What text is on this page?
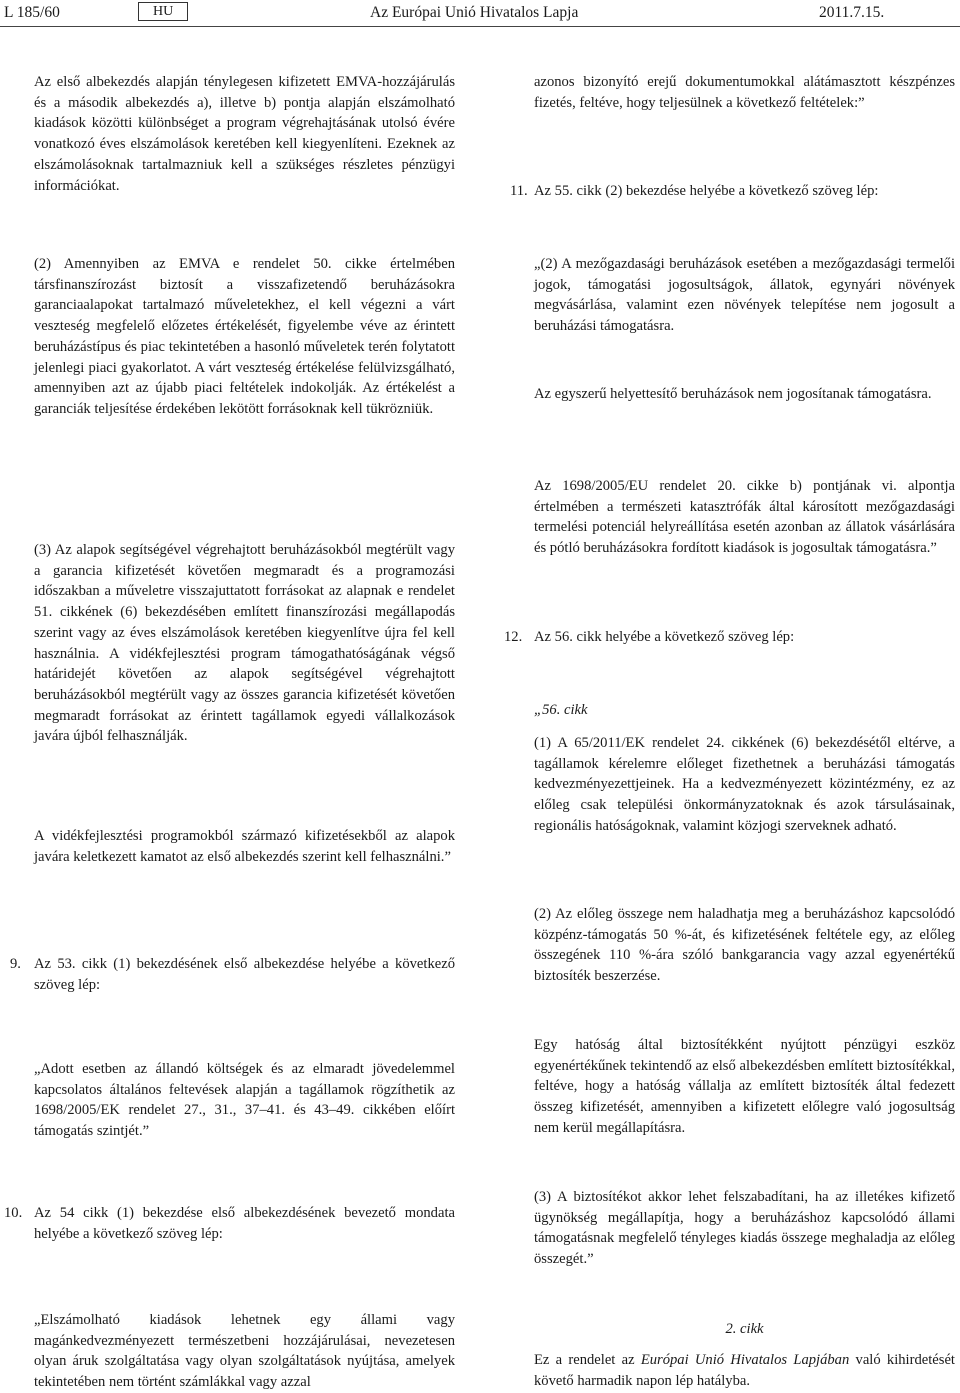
L 185/60	HU	Az Európai Unió Hivatalos Lapja	2011.7.15.

Az első albekezdés alapján ténylegesen kifizetett EMVA-hozzájárulás és a második albekezdés a), illetve b) pontja alapján elszámolható kiadások közötti különbséget a program végrehajtásának utolsó évére vonatkozó éves elszámolások keretében kell kiegyenlíteni. Ezeknek az elszámolásoknak tartalmazniuk kell a szükséges részletes pénzügyi információkat.

(2) Amennyiben az EMVA e rendelet 50. cikke értelmében társfinanszírozást biztosít a visszafizetendő beruházásokra garanciaalapokat tartalmazó műveletekhez, el kell végezni a várt veszteség megfelelő előzetes értékelését, figyelembe véve az érintett beruházástípus és piac tekintetében a hasonló műveletek terén folytatott jelenlegi piaci gyakorlatot. A várt veszteség értékelése felülvizsgálható, amennyiben azt az újabb piaci feltételek indokolják. Az értékelést a garanciák teljesítése érdekében lekötött forrásoknak kell tükrözniük.

(3) Az alapok segítségével végrehajtott beruházásokból megtérült vagy a garancia kifizetését követően megmaradt és a programozási időszakban a műveletre visszajuttatott forrásokat az alapnak e rendelet 51. cikkének (6) bekezdésében említett finanszírozási megállapodás szerint vagy az éves elszámolások keretében kiegyenlítve újra fel kell használnia. A vidékfejlesztési program támogathatóságának végső határidejét követően az alapok segítségével végrehajtott beruházásokból megtérült vagy az összes garancia kifizetését követően megmaradt forrásokat az érintett tagállamok egyedi vállalkozások javára újból felhasználják.

A vidékfejlesztési programokból származó kifizetésekből az alapok javára keletkezett kamatot az első albekezdés szerint kell felhasználni.”

9. Az 53. cikk (1) bekezdésének első albekezdése helyébe a következő szöveg lép:

„Adott esetben az állandó költségek és az elmaradt jövedelemmel kapcsolatos általános feltevések alapján a tagállamok rögzíthetik az 1698/2005/EK rendelet 27., 31., 37–41. és 43–49. cikkében előírt támogatás szintjét.”

10. Az 54 cikk (1) bekezdése első albekezdésének bevezető mondata helyébe a következő szöveg lép:

„Elszámolható kiadások lehetnek egy állami vagy magánkedvezményezett természetbeni hozzájárulásai, nevezetesen olyan áruk szolgáltatása vagy olyan szolgáltatások nyújtása, amelyek tekintetében nem történt számlákkal vagy azzal

azonos bizonyító erejű dokumentumokkal alátámasztott készpénzes fizetés, feltéve, hogy teljesülnek a következő feltételek:”

11. Az 55. cikk (2) bekezdése helyébe a következő szöveg lép:

„(2) A mezőgazdasági beruházások esetében a mezőgazdasági termelői jogok, támogatási jogosultságok, állatok, egynyári növények megvásárlása, valamint ezen növények telepítése nem jogosult a beruházási támogatásra.

Az egyszerű helyettesítő beruházások nem jogosítanak támogatásra.

Az 1698/2005/EU rendelet 20. cikke b) pontjának vi. alpontja értelmében a természeti katasztrófák által károsított mezőgazdasági termelési potenciál helyreállítása esetén azonban az állatok vásárlására és pótló beruházásokra fordított kiadások is jogosultak támogatásra.”

12. Az 56. cikk helyébe a következő szöveg lép:

„56. cikk

(1) A 65/2011/EK rendelet 24. cikkének (6) bekezdésétől eltérve, a tagállamok kérelemre előleget fizethetnek a beruházási támogatás kedvezményezettjeinek. Ha a kedvezményezett közintézmény, ez az előleg csak települési önkormányzatoknak és azok társulásainak, regionális hatóságoknak, valamint közjogi szerveknek adható.

(2) Az előleg összege nem haladhatja meg a beruházáshoz kapcsolódó közpénz-támogatás 50 %-át, és kifizetésének feltétele egy, az előleg összegének 110 %-ára szóló bankgarancia vagy azzal egyenértékű biztosíték beszerzése.

Egy hatóság által biztosítékként nyújtott pénzügyi eszköz egyenértékűnek tekintendő az első albekezdésben említett biztosítékkal, feltéve, hogy a hatóság vállalja az említett biztosíték által fedezett összeg kifizetését, amennyiben a kifizetett előlegre való jogosultság nem kerül megállapításra.

(3) A biztosítékot akkor lehet felszabadítani, ha az illetékes kifizető ügynökség megállapítja, hogy a beruházáshoz kapcsolódó állami támogatásnak megfelelő tényleges kiadás összege meghaladja az előleg összegét.”

2. cikk

Ez a rendelet az Európai Unió Hivatalos Lapjában való kihirdetését követő harmadik napon lép hatályba.
